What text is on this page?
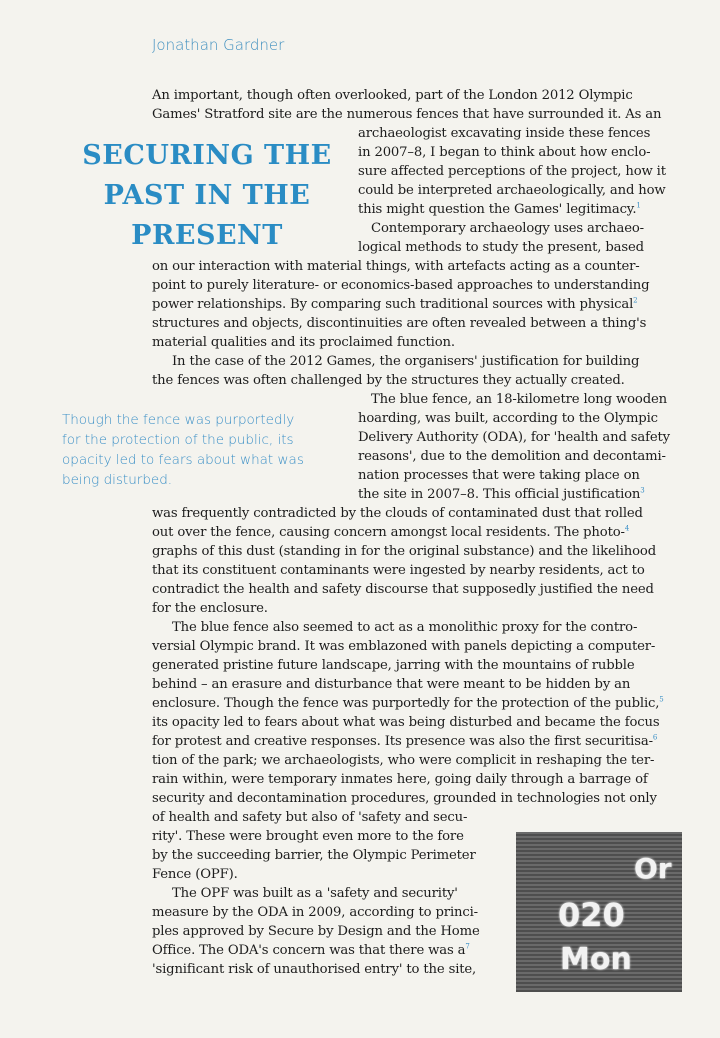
Jonathan Gardner
SECURING THE
PAST IN THE
PRESENT
Though the fence was purportedly
for the protection of the public, its
opacity led to fears about what was
being disturbed.
An important, though often overlooked, part of the London 2012 Olympic
Games' Stratford site are the numerous fences that have surrounded it. As an
archaeologist excavating inside these fences
in 2007–8, I began to think about how enclo-
sure affected perceptions of the project, how it
could be interpreted archaeologically, and how
this might question the Games' legitimacy.$^1$
Contemporary archaeology uses archaeo-
logical methods to study the present, based
on our interaction with material things, with artefacts acting as a counter-
point to purely literature- or economics-based approaches to understanding
power relationships. By comparing such traditional sources with physical$^2$
structures and objects, discontinuities are often revealed between a thing's
material qualities and its proclaimed function.
In the case of the 2012 Games, the organisers' justification for building
the fences was often challenged by the structures they actually created.
The blue fence, an 18-kilometre long wooden
hoarding, was built, according to the Olympic
Delivery Authority (ODA), for 'health and safety
reasons', due to the demolition and decontami-
nation processes that were taking place on
the site in 2007–8. This official justification$^3$
was frequently contradicted by the clouds of contaminated dust that rolled
out over the fence, causing concern amongst local residents. The photo-$^4$
graphs of this dust (standing in for the original substance) and the likelihood
that its constituent contaminants were ingested by nearby residents, act to
contradict the health and safety discourse that supposedly justified the need
for the enclosure.
The blue fence also seemed to act as a monolithic proxy for the contro-
versial Olympic brand. It was emblazoned with panels depicting a computer-
generated pristine future landscape, jarring with the mountains of rubble
behind – an erasure and disturbance that were meant to be hidden by an
enclosure. Though the fence was purportedly for the protection of the public,$^5$
its opacity led to fears about what was being disturbed and became the focus
for protest and creative responses. Its presence was also the first securitisa-$^6$
tion of the park; we archaeologists, who were complicit in reshaping the ter-
rain within, were temporary inmates here, going daily through a barrage of
security and decontamination procedures, grounded in technologies not only
of health and safety but also of 'safety and secu-
rity'. These were brought even more to the fore
by the succeeding barrier, the Olympic Perimeter
Fence (OPF).
The OPF was built as a 'safety and security'
measure by the ODA in 2009, according to princi-
ples approved by Secure by Design and the Home
Office. The ODA's concern was that there was $a^7$
'significant risk of unauthorised entry' to the site,
Or
020
Mon
